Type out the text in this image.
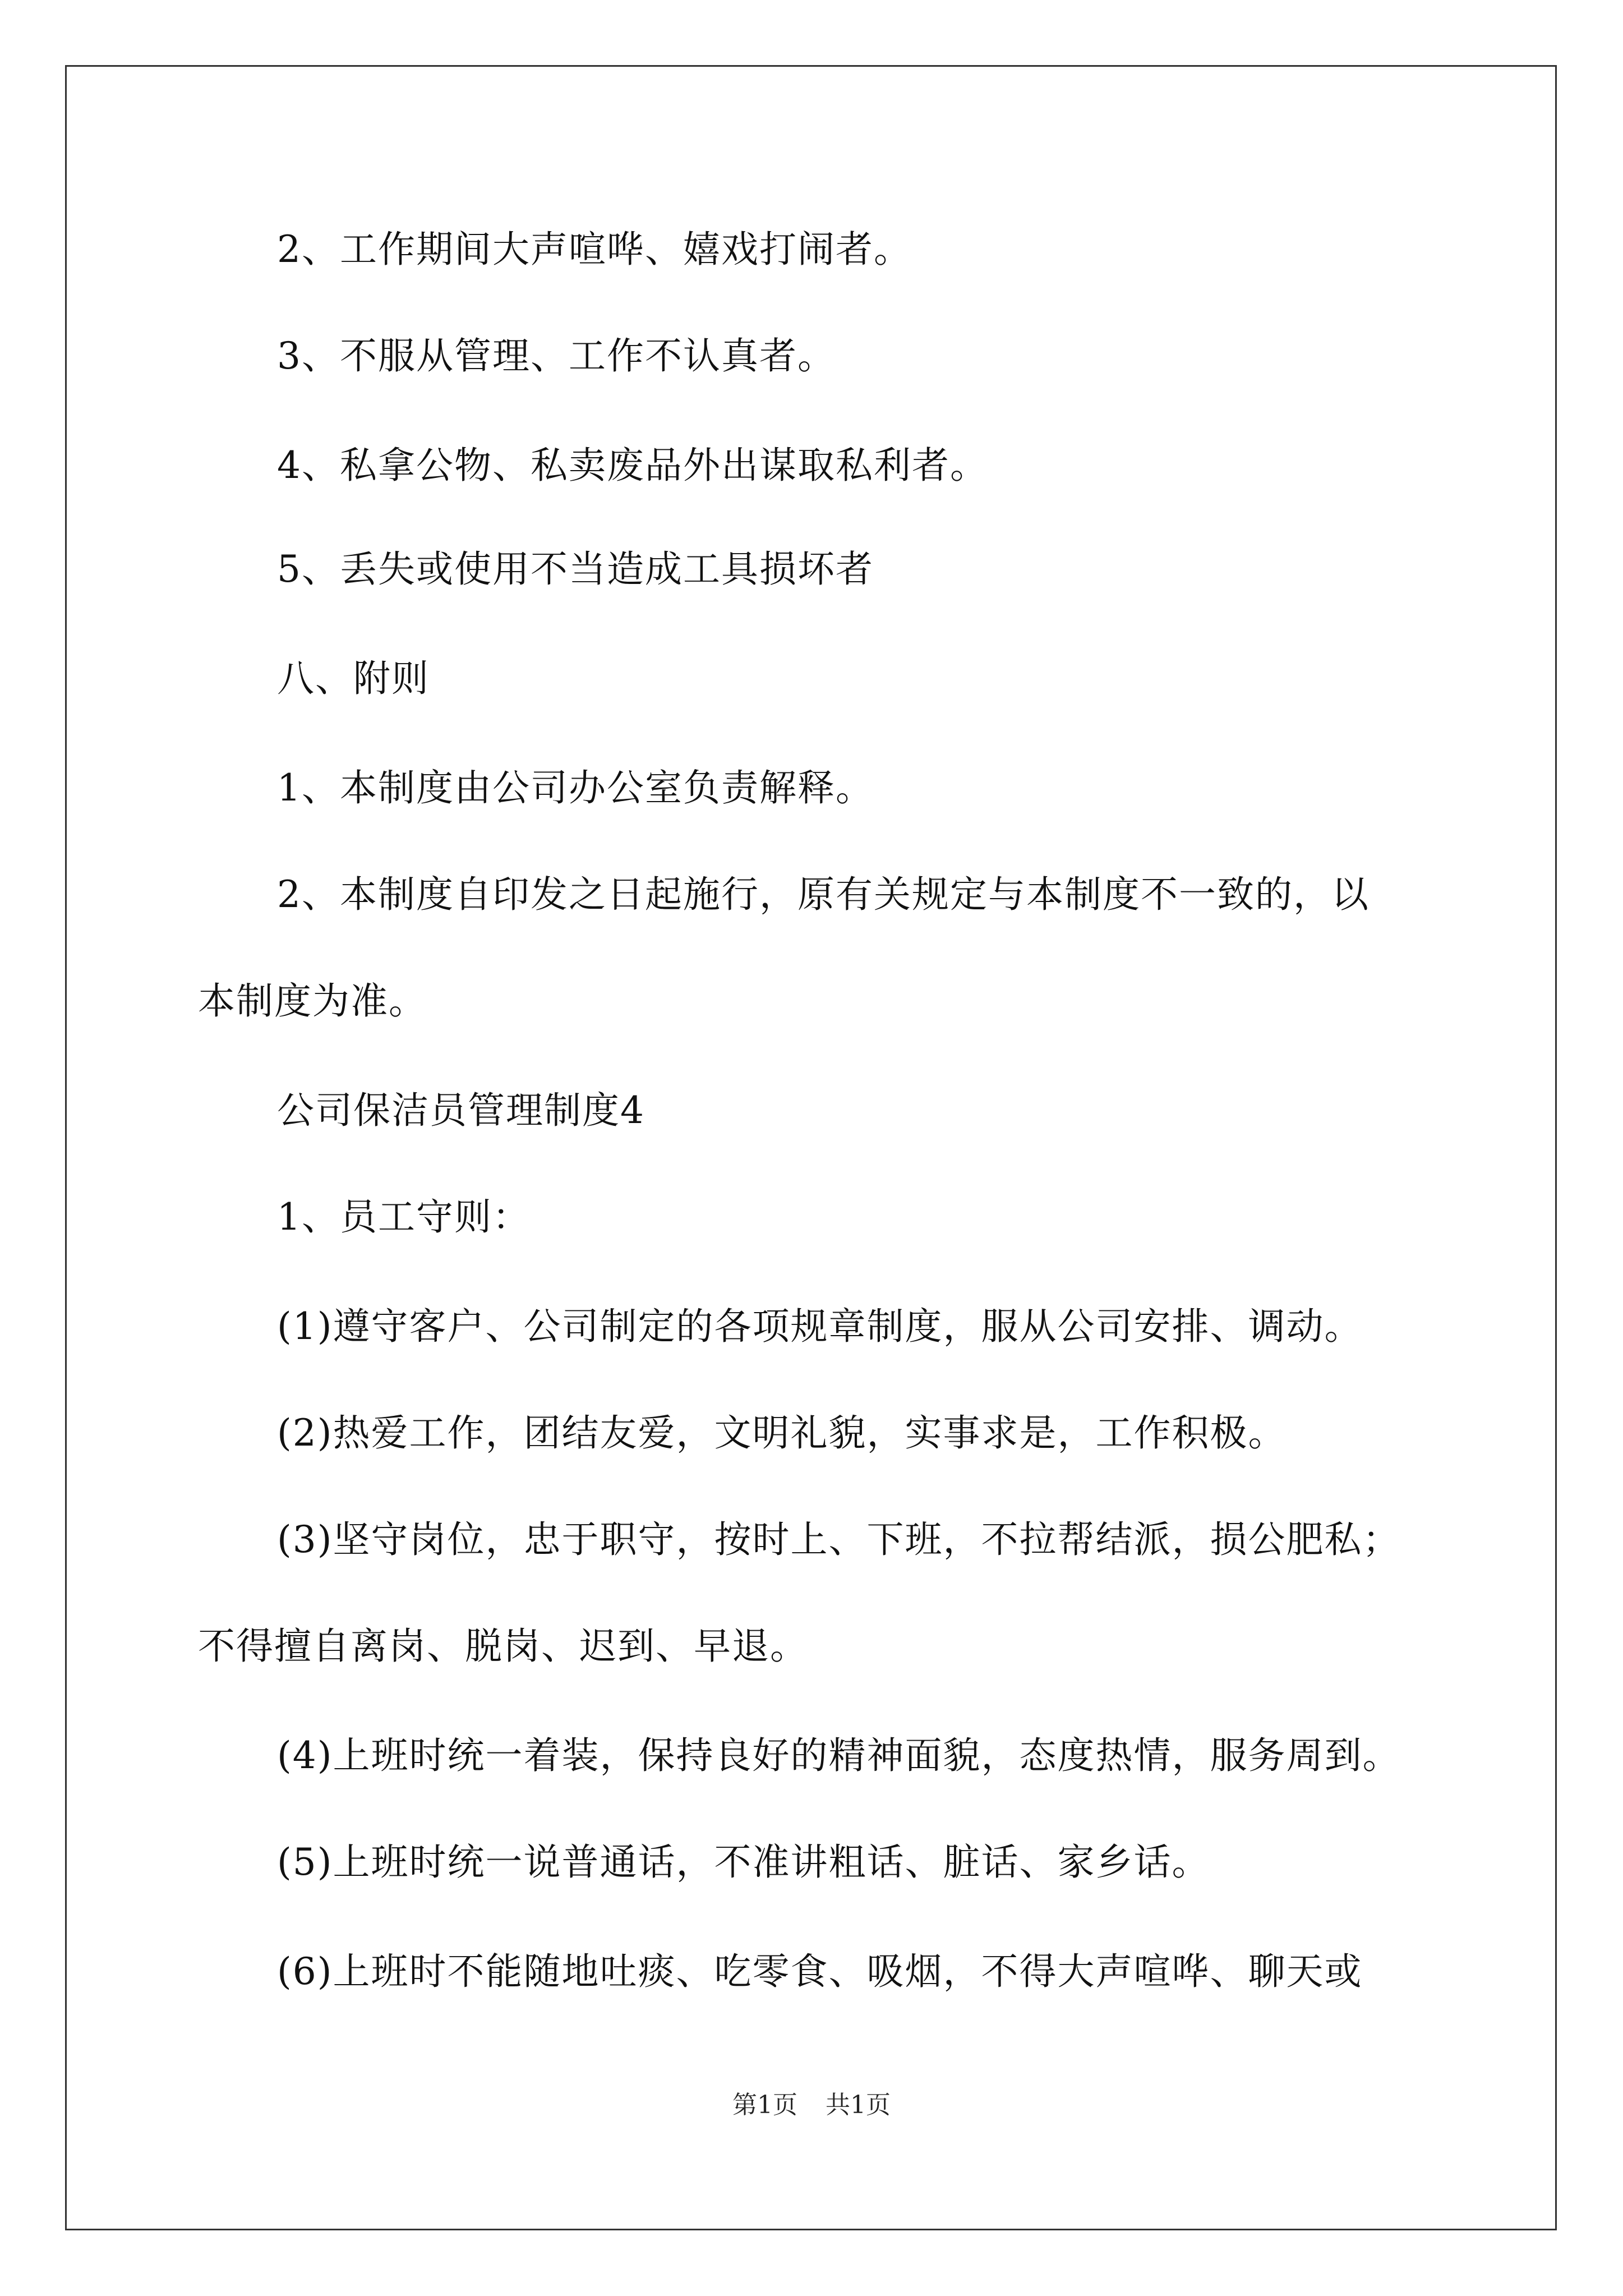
2、工作期间大声喧哗、嬉戏打闹者。
3、不服从管理、工作不认真者。
4、私拿公物、私卖废品外出谋取私利者。
5、丢失或使用不当造成工具损坏者
八、附则
1、本制度由公司办公室负责解释。
2、本制度自印发之日起施行，原有关规定与本制度不一致的，以
本制度为准。
公司保洁员管理制度4
1、员工守则：
(1)遵守客户、公司制定的各项规章制度，服从公司安排、调动。
(2)热爱工作，团结友爱，文明礼貌，实事求是，工作积极。
(3)坚守岗位，忠于职守，按时上、下班，不拉帮结派，损公肥私；
不得擅自离岗、脱岗、迟到、早退。
(4)上班时统一着装，保持良好的精神面貌，态度热情，服务周到。
(5)上班时统一说普通话，不准讲粗话、脏话、家乡话。
(6)上班时不能随地吐痰、吃零食、吸烟，不得大声喧哗、聊天或
第1页 共1页
